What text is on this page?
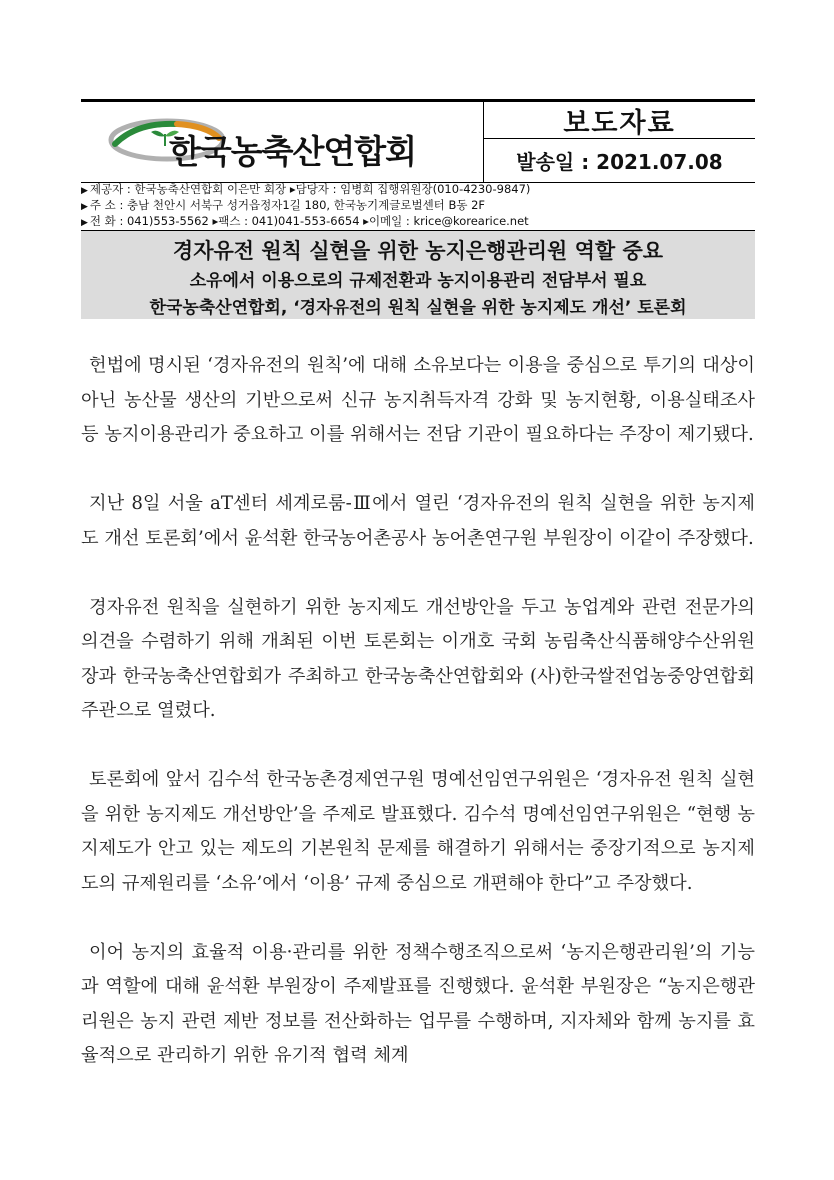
한국농축산연합회
보도자료
발송일 : 2021.07.08
▶ 제공자 : 한국농축산연합회 이은만 회장 ▸담당자 : 임병희 집행위원장(010-4230-9847)
▶ 주 소 : 충남 천안시 서북구 성거읍정자1길 180, 한국농기계글로벌센터 B동 2F
▶ 전 화 : 041)553-5562 ▸팩스 : 041)041-553-6654 ▸이메일 : krice@korearice.net
경자유전 원칙 실현을 위한 농지은행관리원 역할 중요
소유에서 이용으로의 규제전환과 농지이용관리 전담부서 필요
한국농축산연합회, ‘경자유전의 원칙 실현을 위한 농지제도 개선’ 토론회

헌법에 명시된 ‘경자유전의 원칙’에 대해 소유보다는 이용을 중심으로 투기의 대상이 아닌 농산물 생산의 기반으로써 신규 농지취득자격 강화 및 농지현황, 이용실태조사 등 농지이용관리가 중요하고 이를 위해서는 전담 기관이 필요하다는 주장이 제기됐다.

지난 8일 서울 aT센터 세계로룸-Ⅲ에서 열린 ‘경자유전의 원칙 실현을 위한 농지제도 개선 토론회’에서 윤석환 한국농어촌공사 농어촌연구원 부원장이 이같이 주장했다.

경자유전 원칙을 실현하기 위한 농지제도 개선방안을 두고 농업계와 관련 전문가의 의견을 수렴하기 위해 개최된 이번 토론회는 이개호 국회 농림축산식품해양수산위원장과 한국농축산연합회가 주최하고 한국농축산연합회와 (사)한국쌀전업농중앙연합회 주관으로 열렸다.

토론회에 앞서 김수석 한국농촌경제연구원 명예선임연구위원은 ‘경자유전 원칙 실현을 위한 농지제도 개선방안’을 주제로 발표했다. 김수석 명예선임연구위원은 “현행 농지제도가 안고 있는 제도의 기본원칙 문제를 해결하기 위해서는 중장기적으로 농지제도의 규제원리를 ‘소유’에서 ‘이용’ 규제 중심으로 개편해야 한다”고 주장했다.

이어 농지의 효율적 이용·관리를 위한 정책수행조직으로써 ‘농지은행관리원’의 기능과 역할에 대해 윤석환 부원장이 주제발표를 진행했다. 윤석환 부원장은 “농지은행관리원은 농지 관련 제반 정보를 전산화하는 업무를 수행하며, 지자체와 함께 농지를 효율적으로 관리하기 위한 유기적 협력 체계
